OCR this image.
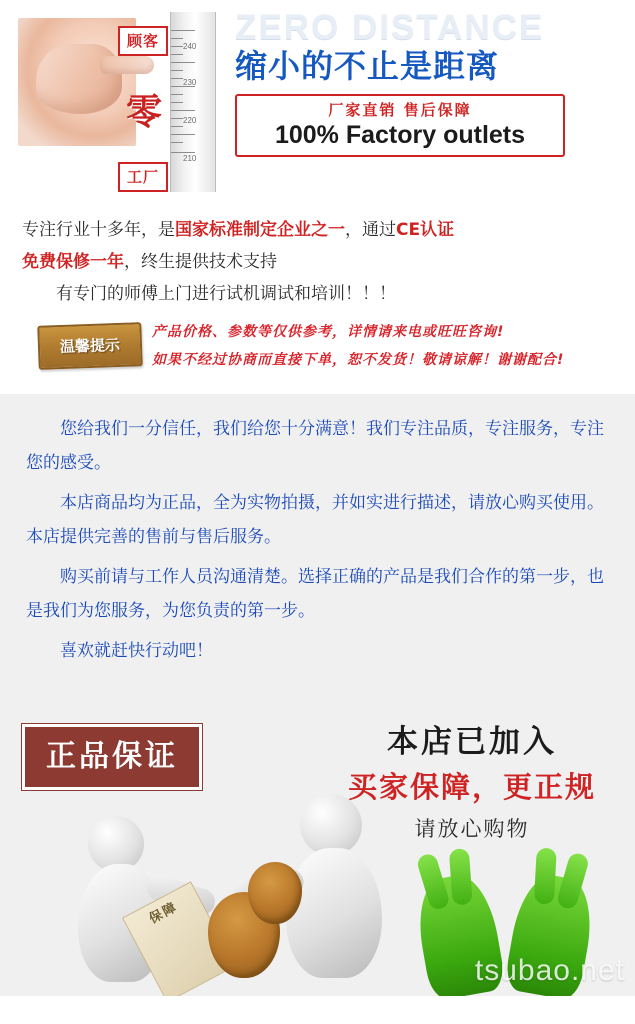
240
230
220
210
顾客
零
工厂
ZERO DISTANCE
缩小的不止是距离
厂家直销 售后保障
100% Factory outlets
专注行业十多年，是国家标准制定企业之一，通过CE认证
免费保修一年，终生提供技术支持
有专门的师傅上门进行试机调试和培训！！！
温馨提示
产品价格、参数等仅供参考，详情请来电或旺旺咨询!
如果不经过协商而直接下单，恕不发货！敬请谅解！谢谢配合!

您给我们一分信任，我们给您十分满意！我们专注品质，专注服务，专注您的感受。

本店商品均为正品，全为实物拍摄，并如实进行描述，请放心购买使用。本店提供完善的售前与售后服务。

购买前请与工作人员沟通清楚。选择正确的产品是我们合作的第一步，也是我们为您服务，为您负责的第一步。

喜欢就赶快行动吧！

正品保证
保障
本店已加入
买家保障，更正规
请放心购物
tsubao.net
